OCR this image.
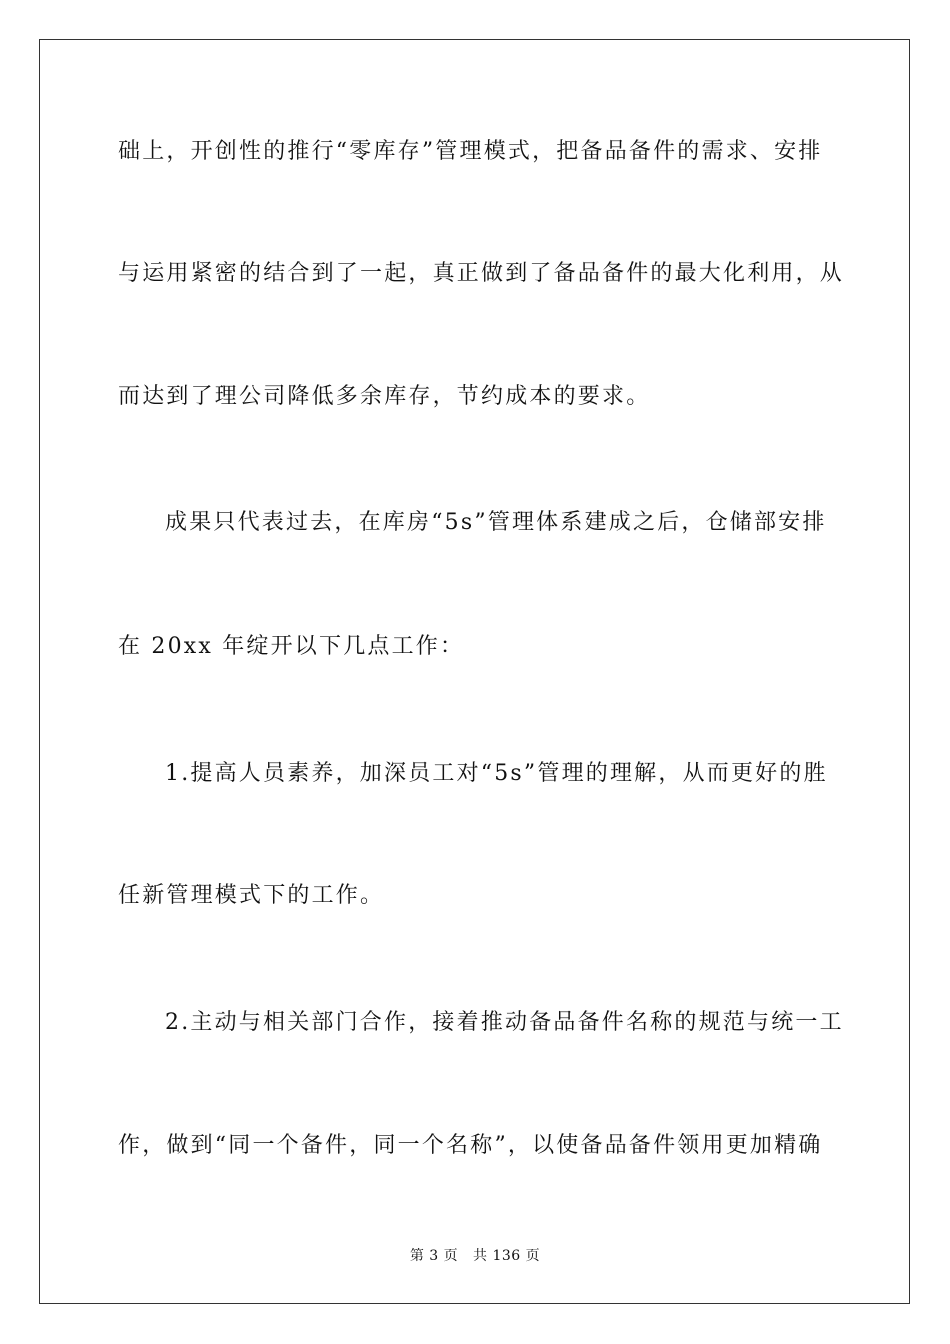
础上，开创性的推行“零库存”管理模式，把备品备件的需求、安排
与运用紧密的结合到了一起，真正做到了备品备件的最大化利用，从
而达到了理公司降低多余库存，节约成本的要求。
成果只代表过去，在库房“5s”管理体系建成之后，仓储部安排
在 20xx 年绽开以下几点工作：
1.提高人员素养，加深员工对“5s”管理的理解，从而更好的胜
任新管理模式下的工作。
2.主动与相关部门合作，接着推动备品备件名称的规范与统一工
作，做到“同一个备件，同一个名称”，以使备品备件领用更加精确
第 3 页   共 136 页
